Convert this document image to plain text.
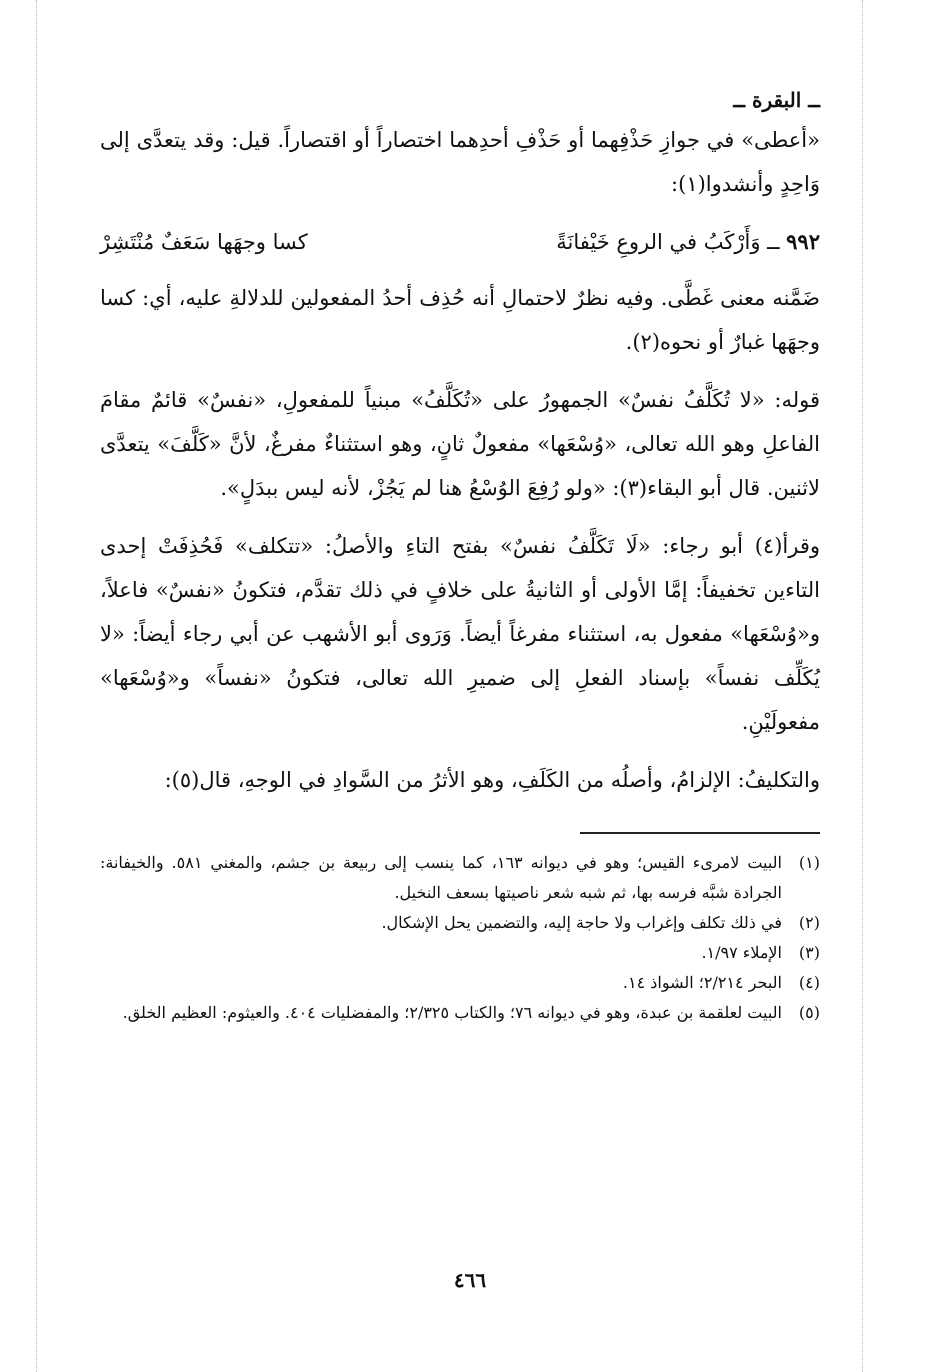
ــ البقرة ــ

«أعطى» في جوازِ حَذْفِهما أو حَذْفِ أحدِهما اختصاراً أو اقتصاراً. قيل: وقد يتعدَّى إلى وَاحِدٍ وأنشدوا(١):

٩٩٢ ــ وَأَرْكَبُ في الروعِ خَيْفانَةً
كسا وجهَها سَعَفٌ مُنْتَشِرْ

ضَمَّنه معنى غَطَّى. وفيه نظرٌ لاحتمالِ أنه حُذِف أحدُ المفعولين للدلالةِ عليه، أي: كسا وجهَها غبارٌ أو نحوه(٢).

قوله: «لا تُكَلَّفُ نفسٌ» الجمهورُ على «تُكَلَّفُ» مبنياً للمفعولِ، «نفسٌ» قائمٌ مقامَ الفاعلِ وهو الله تعالى، «وُسْعَها» مفعولٌ ثانٍ، وهو استثناءٌ مفرغٌ، لأنَّ «كَلَّفَ» يتعدَّى لاثنين. قال أبو البقاء(٣): «ولو رُفِعَ الوُسْعُ هنا لم يَجُزْ، لأنه ليس ببدَلٍ».

وقرأ(٤) أبو رجاء: «لَا تَكَلَّفُ نفسٌ» بفتح التاءِ والأصلُ: «تتكلف» فَحُذِفَتْ إحدى التاءين تخفيفاً: إمَّا الأولى أو الثانيةُ على خلافٍ في ذلك تقدَّم، فتكونُ «نفسٌ» فاعلاً، و«وُسْعَها» مفعول به، استثناء مفرغاً أيضاً. وَرَوى أبو الأشهب عن أبي رجاء أيضاً: «لا يُكَلِّف نفساً» بإسناد الفعلِ إلى ضميرِ الله تعالى، فتكونُ «نفساً» و«وُسْعَها» مفعولَيْنِ.

والتكليفُ: الإلزامُ، وأصلُه من الكَلَفِ، وهو الأثرُ من السَّوادِ في الوجهِ، قال(٥):

(١)
البيت لامرىء القيس؛ وهو في ديوانه ١٦٣، كما ينسب إلى ربيعة بن جشم، والمغني ٥٨١. والخيفانة: الجرادة شبَّه فرسه بها، ثم شبه شعر ناصيتها بسعف النخيل.
(٢)
في ذلك تكلف وإغراب ولا حاجة إليه، والتضمين يحل الإشكال.
(٣)
الإملاء ١/٩٧.
(٤)
البحر ٢/٢١٤؛ الشواذ ١٤.
(٥)
البيت لعلقمة بن عبدة، وهو في ديوانه ٧٦؛ والكتاب ٢/٣٢٥؛ والمفضليات ٤٠٤. والعيثوم: العظيم الخلق.
٤٦٦
